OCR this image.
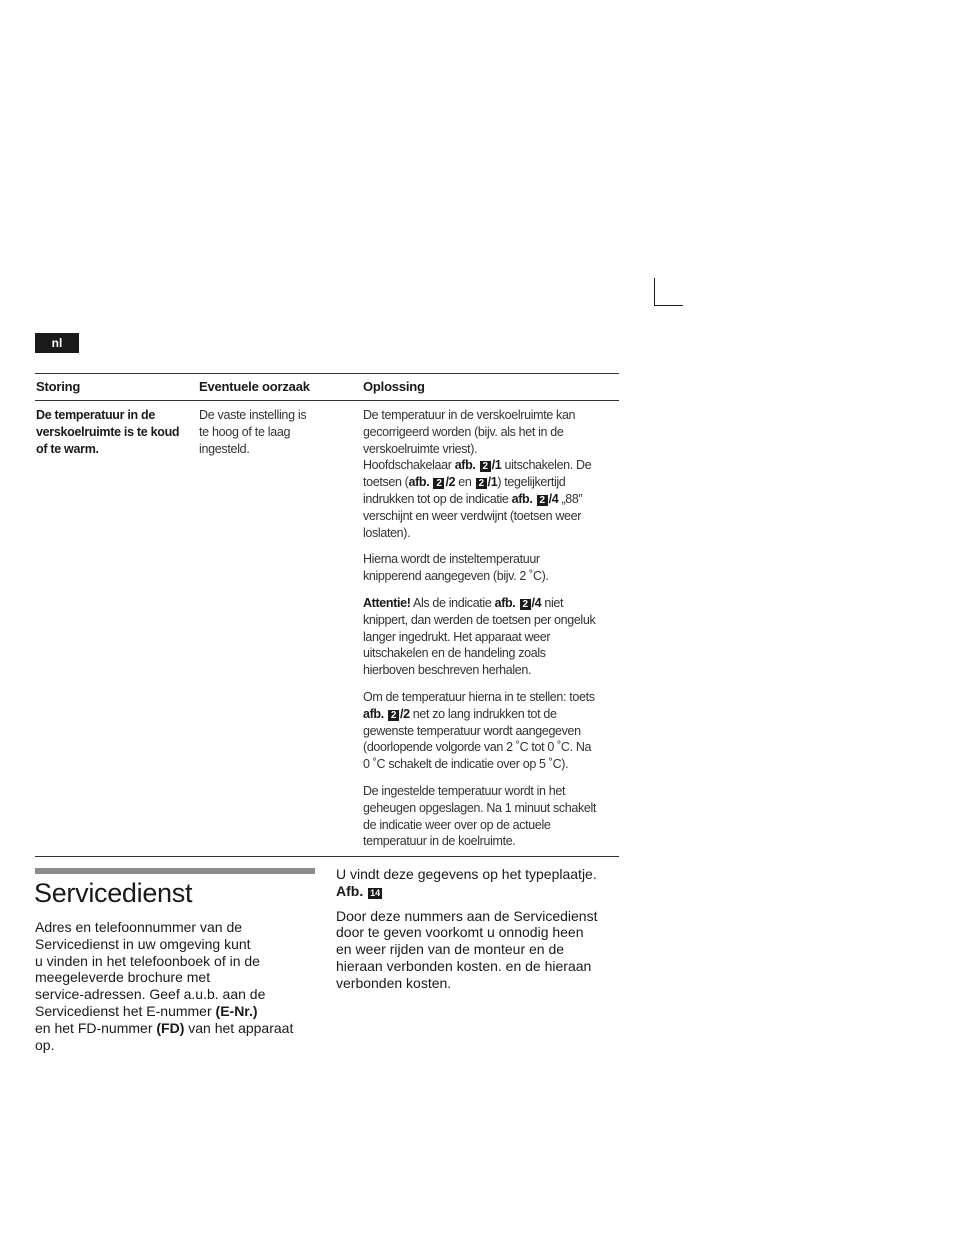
nl
Storing	Eventuele oorzaak	Oplossing
De temperatuur in de
verskoelruimte is te koud
of te warm.
De vaste instelling is
te hoog of te laag
ingesteld.

De temperatuur in de verskoelruimte kan
gecorrigeerd worden (bijv. als het in de
verskoelruimte vriest).
Hoofdschakelaar afb. 2 /1 uitschakelen. De
toetsen (afb. 2 /2 en 2 /1) tegelijkertijd
indrukken tot op de indicatie afb. 2 /4 „88”
verschijnt en weer verdwijnt (toetsen weer
loslaten).

Hierna wordt de insteltemperatuur
knipperend aangegeven (bijv. 2 ˚C).

Attentie! Als de indicatie afb. 2 /4 niet
knippert, dan werden de toetsen per ongeluk
langer ingedrukt. Het apparaat weer
uitschakelen en de handeling zoals
hierboven beschreven herhalen.

Om de temperatuur hierna in te stellen: toets
afb. 2 /2 net zo lang indrukken tot de
gewenste temperatuur wordt aangegeven
(doorlopende volgorde van 2 ˚C tot 0 ˚C. Na
0 ˚C schakelt de indicatie over op 5 ˚C).

De ingestelde temperatuur wordt in het
geheugen opgeslagen. Na 1 minuut schakelt
de indicatie weer over op de actuele
temperatuur in de koelruimte.

Servicedienst

Adres en telefoonnummer van de
Servicedienst in uw omgeving kunt
u vinden in het telefoonboek of in de
meegeleverde brochure met
service-adressen. Geef a.u.b. aan de
Servicedienst het E-nummer (E-Nr.)
en het FD-nummer (FD) van het apparaat
op.

U vindt deze gegevens op het typeplaatje.
Afb. 14

Door deze nummers aan de Servicedienst
door te geven voorkomt u onnodig heen
en weer rijden van de monteur en de
hieraan verbonden kosten. en de hieraan
verbonden kosten.
